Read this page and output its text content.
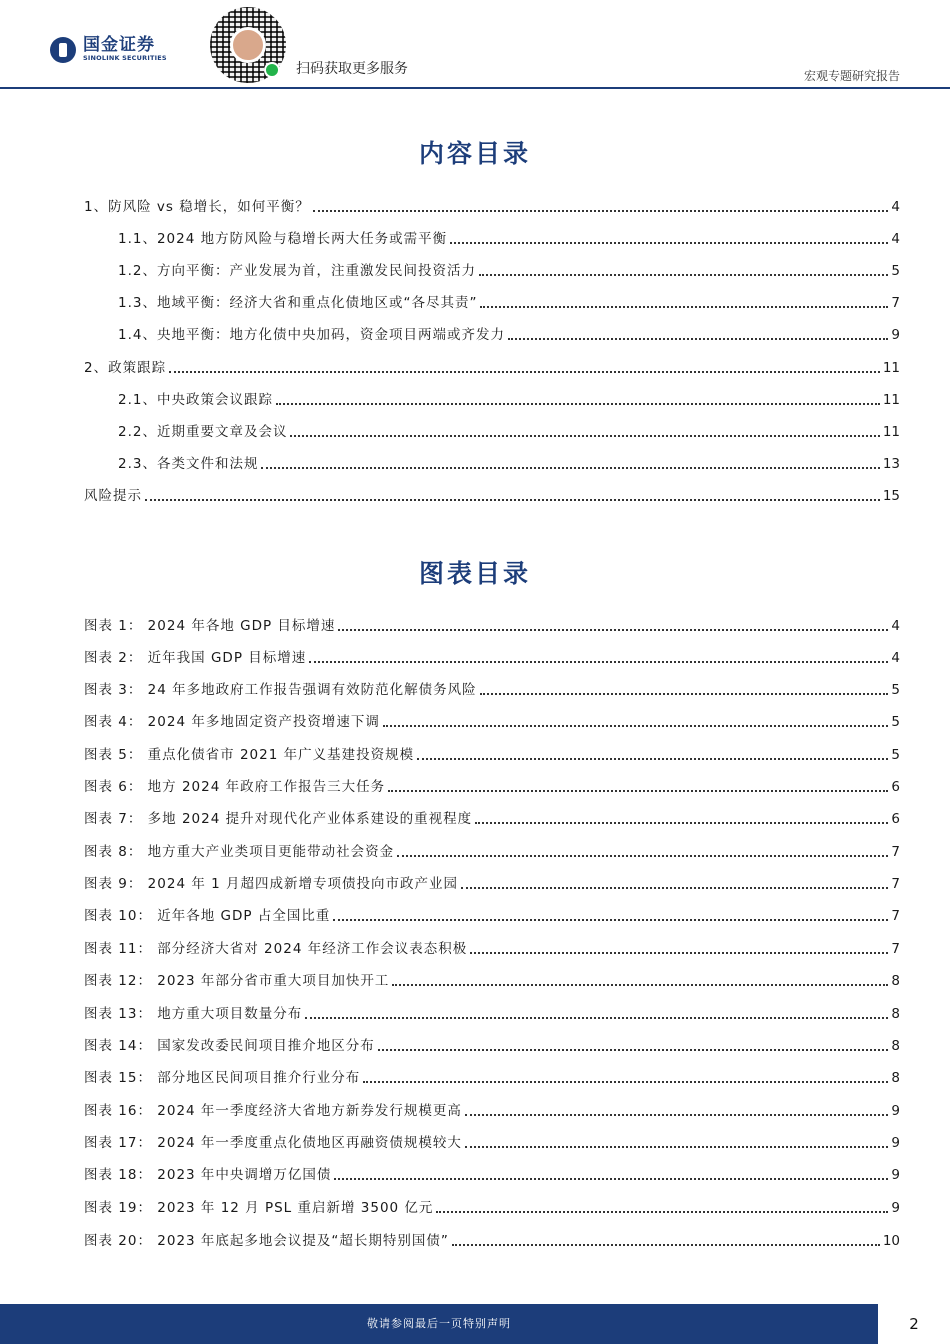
国金证券
SINOLINK SECURITIES
扫码获取更多服务	宏观专题研究报告
内容目录
1、防风险 vs 稳增长，如何平衡？	4
1.1、2024 地方防风险与稳增长两大任务或需平衡	4
1.2、方向平衡：产业发展为首，注重激发民间投资活力	5
1.3、地域平衡：经济大省和重点化债地区或“各尽其责”	7
1.4、央地平衡：地方化债中央加码，资金项目两端或齐发力	9
2、政策跟踪	11
2.1、中央政策会议跟踪	11
2.2、近期重要文章及会议	11
2.3、各类文件和法规	13
风险提示	15
图表目录
图表 1： 2024 年各地 GDP 目标增速	4
图表 2： 近年我国 GDP 目标增速	4
图表 3： 24 年多地政府工作报告强调有效防范化解债务风险	5
图表 4： 2024 年多地固定资产投资增速下调	5
图表 5： 重点化债省市 2021 年广义基建投资规模	5
图表 6： 地方 2024 年政府工作报告三大任务	6
图表 7： 多地 2024 提升对现代化产业体系建设的重视程度	6
图表 8： 地方重大产业类项目更能带动社会资金	7
图表 9： 2024 年 1 月超四成新增专项债投向市政产业园	7
图表 10： 近年各地 GDP 占全国比重	7
图表 11： 部分经济大省对 2024 年经济工作会议表态积极	7
图表 12： 2023 年部分省市重大项目加快开工	8
图表 13： 地方重大项目数量分布	8
图表 14： 国家发改委民间项目推介地区分布	8
图表 15： 部分地区民间项目推介行业分布	8
图表 16： 2024 年一季度经济大省地方新券发行规模更高	9
图表 17： 2024 年一季度重点化债地区再融资债规模较大	9
图表 18： 2023 年中央调增万亿国债	9
图表 19： 2023 年 12 月 PSL 重启新增 3500 亿元	9
图表 20： 2023 年底起多地会议提及“超长期特别国债”	10
敬请参阅最后一页特别声明	2
